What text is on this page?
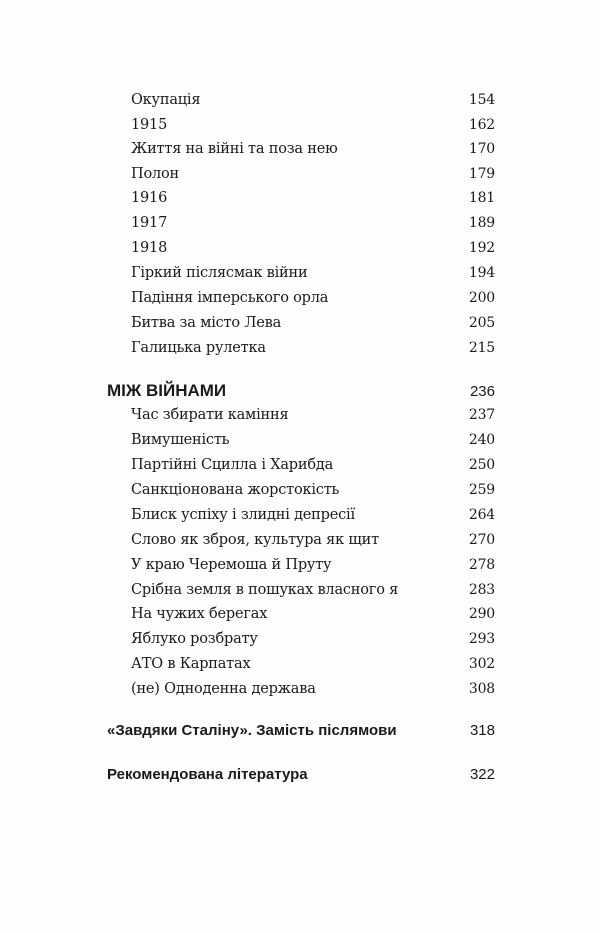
Окупація	154
1915	162
Життя на війні та поза нею	170
Полон	179
1916	181
1917	189
1918	192
Гіркий післясмак війни	194
Падіння імперського орла	200
Битва за місто Лева	205
Галицька рулетка	215
МІЖ ВІЙНАМИ	236
Час збирати каміння	237
Вимушеність	240
Партійні Сцилла і Харибда	250
Санкціонована жорстокість	259
Блиск успіху і злидні депресії	264
Слово як зброя, культура як щит	270
У краю Черемоша й Пруту	278
Срібна земля в пошуках власного я	283
На чужих берегах	290
Яблуко розбрату	293
АТО в Карпатах	302
(не) Одноденна держава	308
«Завдяки Сталіну». Замість післямови	318
Рекомендована література	322
